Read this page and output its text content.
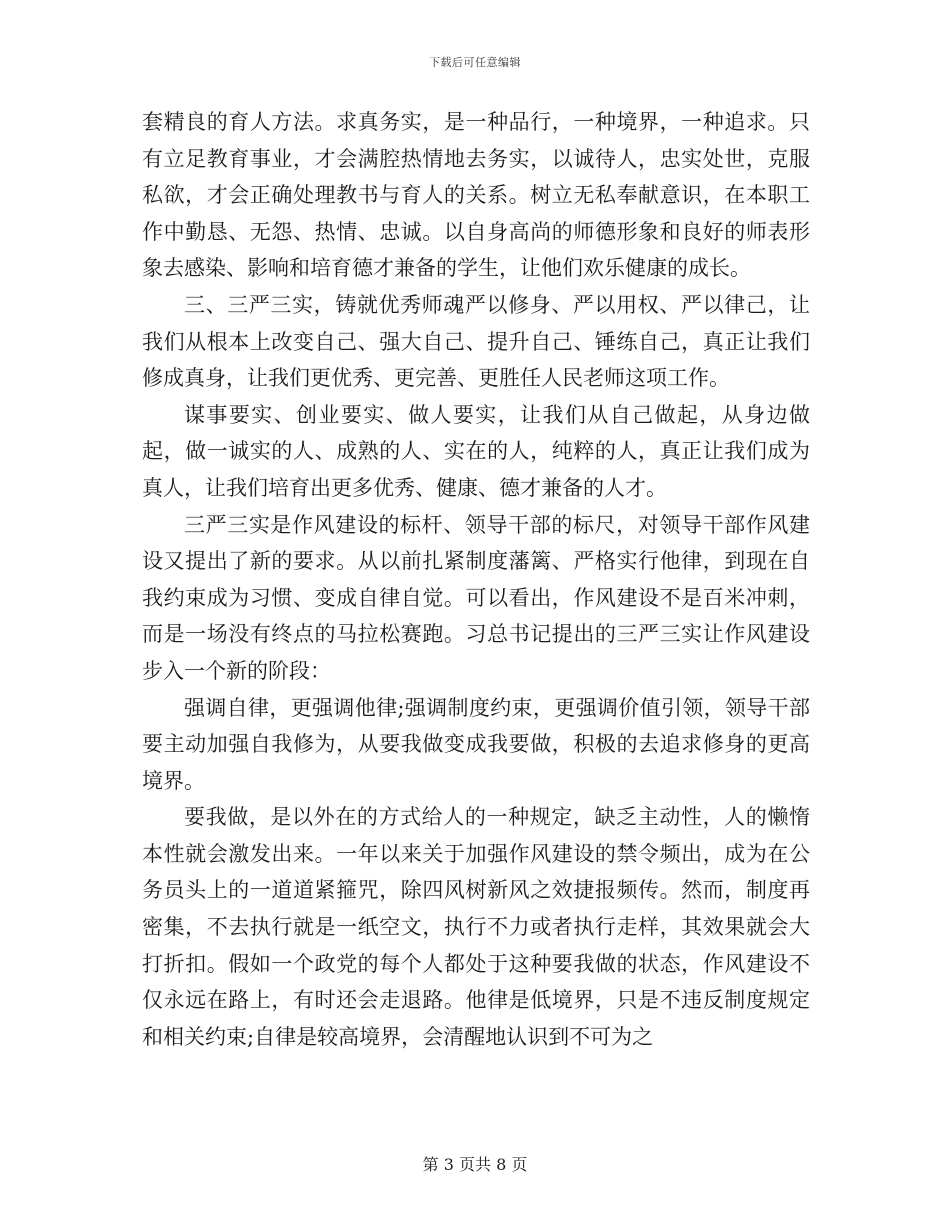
下载后可任意编辑

套精良的育人方法。求真务实，是一种品行，一种境界，一种追求。只有立足教育事业，才会满腔热情地去务实，以诚待人，忠实处世，克服私欲，才会正确处理教书与育人的关系。树立无私奉献意识，在本职工作中勤恳、无怨、热情、忠诚。以自身高尚的师德形象和良好的师表形象去感染、影响和培育德才兼备的学生，让他们欢乐健康的成长。

三、三严三实，铸就优秀师魂严以修身、严以用权、严以律己，让我们从根本上改变自己、强大自己、提升自己、锤练自己，真正让我们修成真身，让我们更优秀、更完善、更胜任人民老师这项工作。

谋事要实、创业要实、做人要实，让我们从自己做起，从身边做起，做一诚实的人、成熟的人、实在的人，纯粹的人，真正让我们成为真人，让我们培育出更多优秀、健康、德才兼备的人才。

三严三实是作风建设的标杆、领导干部的标尺，对领导干部作风建设又提出了新的要求。从以前扎紧制度藩篱、严格实行他律，到现在自我约束成为习惯、变成自律自觉。可以看出，作风建设不是百米冲刺，而是一场没有终点的马拉松赛跑。习总书记提出的三严三实让作风建设步入一个新的阶段：

强调自律，更强调他律;强调制度约束，更强调价值引领，领导干部要主动加强自我修为，从要我做变成我要做，积极的去追求修身的更高境界。

要我做，是以外在的方式给人的一种规定，缺乏主动性，人的懒惰本性就会激发出来。一年以来关于加强作风建设的禁令频出，成为在公务员头上的一道道紧箍咒，除四风树新风之效捷报频传。然而，制度再密集，不去执行就是一纸空文，执行不力或者执行走样，其效果就会大打折扣。假如一个政党的每个人都处于这种要我做的状态，作风建设不仅永远在路上，有时还会走退路。他律是低境界，只是不违反制度规定和相关约束;自律是较高境界，会清醒地认识到不可为之

第 3 页共 8 页
